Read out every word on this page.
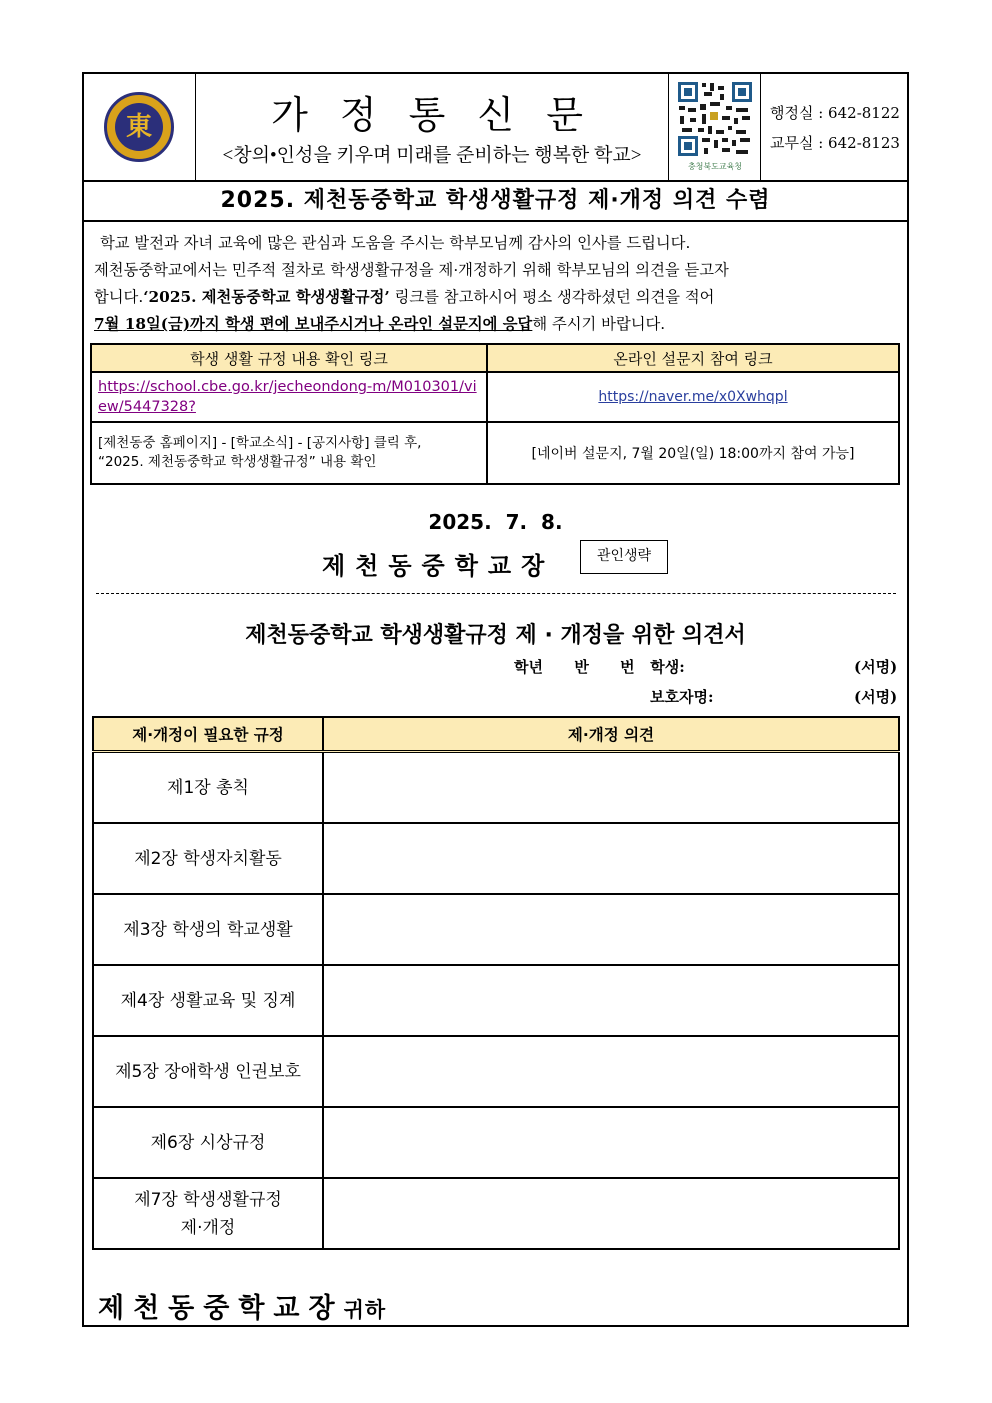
東	가 정 통 신 문
<창의•인성을 키우며 미래를 준비하는 행복한 학교>
충청북도교육청
행정실 : 642-8122
교무실 : 642-8123
2025. 제천동중학교 학생생활규정 제·개정 의견 수렴
학교 발전과 자녀 교육에 많은 관심과 도움을 주시는 학부모님께 감사의 인사를 드립니다.
제천동중학교에서는 민주적 절차로 학생생활규정을 제·개정하기 위해 학부모님의 의견을 듣고자
합니다.‘2025. 제천동중학교 학생생활규정’ 링크를 참고하시어 평소 생각하셨던 의견을 적어
7월 18일(금)까지 학생 편에 보내주시거나 온라인 설문지에 응답해 주시기 바랍니다.
학생 생활 규정 내용 확인 링크	온라인 설문지 참여 링크
https://school.cbe.go.kr/jecheondong-m/M010301/view/5447328?	https://naver.me/x0Xwhqpl

[제천동중 홈페이지] - [학교소식] - [공지사항] 클릭 후,
“2025. 제천동중학교 학생생활규정” 내용 확인	[네이버 설문지, 7월 20일(일) 18:00까지 참여 가능]
2025.  7.  8.
제천동중학교장	관인생략
제천동중학교 학생생활규정 제 · 개정을 위한 의견서
학년      반      번   학생:	(서명)
보호자명:	(서명)
제·개정이 필요한 규정	제·개정 의견
제1장 총칙	
제2장 학생자치활동	
제3장 학생의 학교생활	
제4장 생활교육 및 징계	
제5장 장애학생 인권보호	
제6장 시상규정	

제7장 학생생활규정
제·개정	

제천동중학교장귀하
